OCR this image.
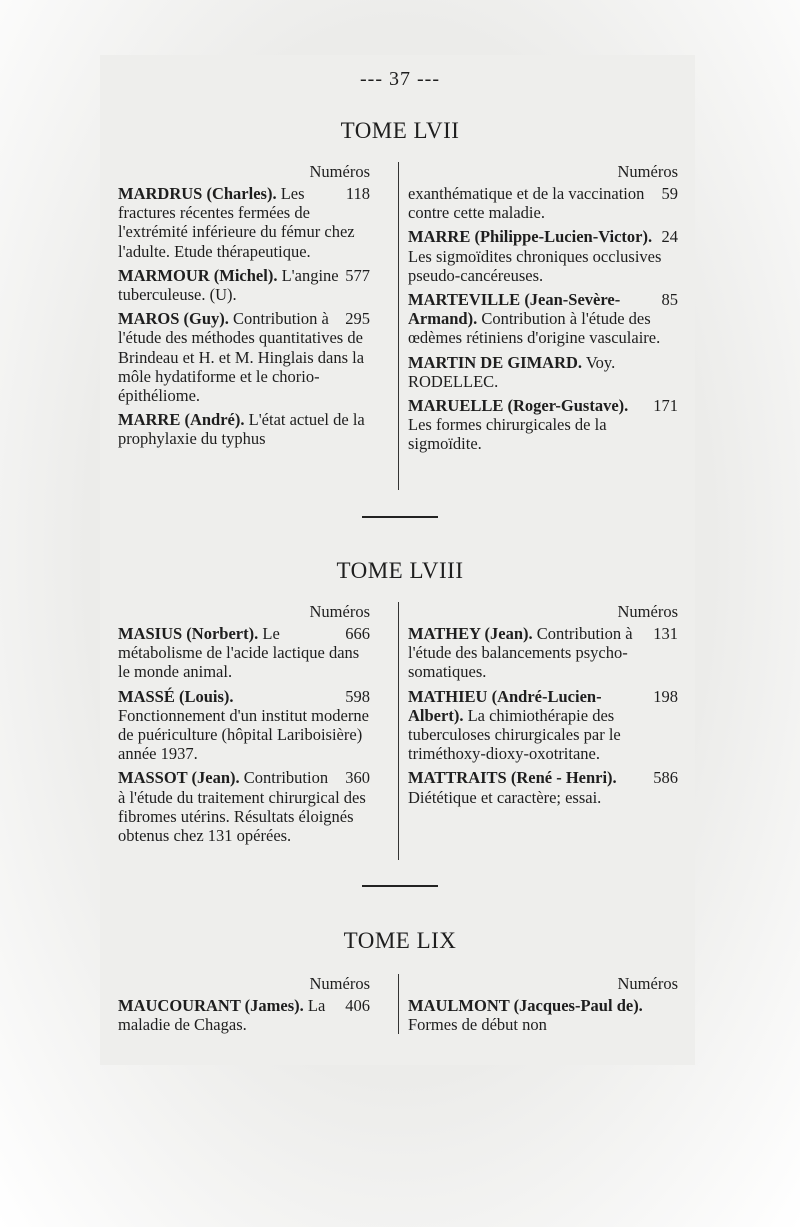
--- 37 ---
TOME LVII
Numéros
118
MARDRUS (Charles). Les fractures récentes fermées de l'extrémité inférieure du fémur chez l'adulte. Etude thérapeutique.
577
MARMOUR (Michel). L'angine tuberculeuse. (U).
295
MAROS (Guy). Contribution à l'étude des méthodes quantitatives de Brindeau et H. et M. Hinglais dans la môle hydatiforme et le chorio-épithéliome.
MARRE (André). L'état actuel de la prophylaxie du typhus
Numéros
59
exanthématique et de la vaccination contre cette maladie.
24
MARRE (Philippe-Lucien-Victor). Les sigmoïdites chroniques occlusives pseudo-cancéreuses.
85
MARTEVILLE (Jean-Sevère-Armand). Contribution à l'étude des œdèmes rétiniens d'origine vasculaire.
MARTIN DE GIMARD. Voy. RODELLEC.
171
MARUELLE (Roger-Gustave). Les formes chirurgicales de la sigmoïdite.
TOME LVIII
Numéros
666
MASIUS (Norbert). Le métabolisme de l'acide lactique dans le monde animal.
598
MASSÉ (Louis). Fonctionnement d'un institut moderne de puériculture (hôpital Lariboisière) année 1937.
360
MASSOT (Jean). Contribution à l'étude du traitement chirurgical des fibromes utérins. Résultats éloignés obtenus chez 131 opérées.
Numéros
131
MATHEY (Jean). Contribution à l'étude des balancements psycho-somatiques.
198
MATHIEU (André-Lucien-Albert). La chimiothérapie des tuberculoses chirurgicales par le triméthoxy-dioxy-oxotritane.
586
MATTRAITS (René - Henri). Diététique et caractère; essai.
TOME LIX
Numéros
406
MAUCOURANT (James). La maladie de Chagas.
Numéros
MAULMONT (Jacques-Paul de). Formes de début non
